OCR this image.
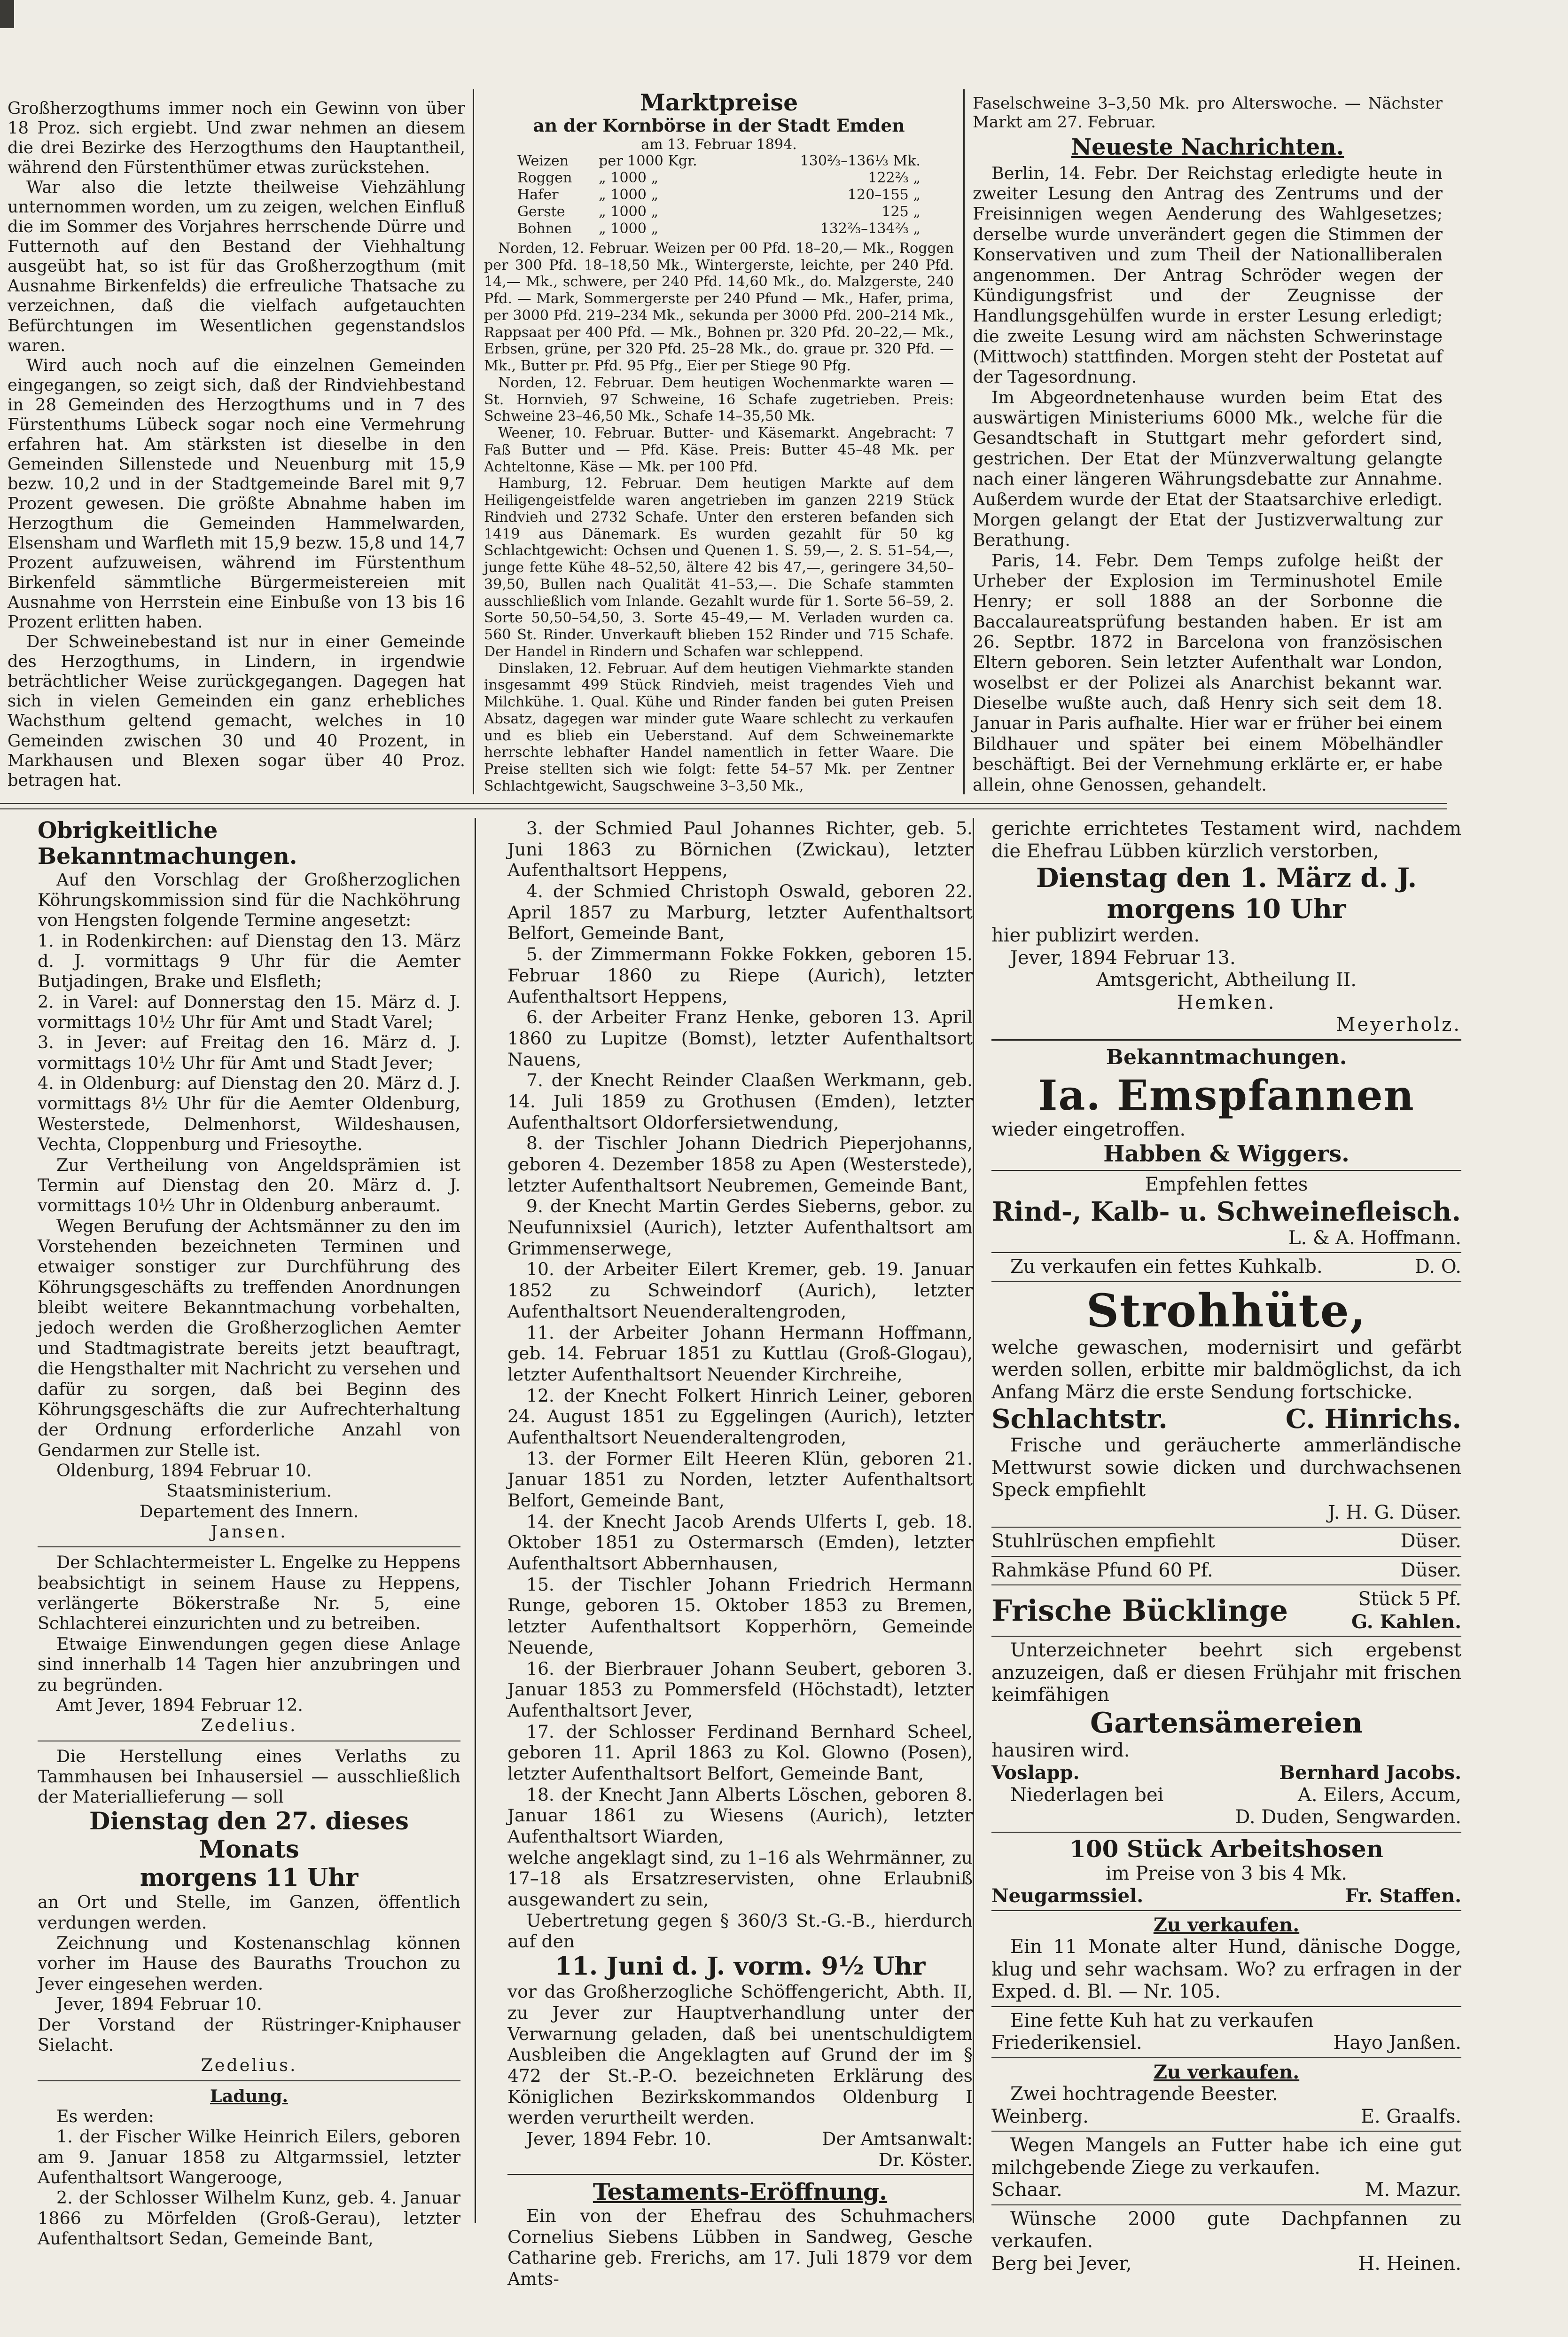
Großherzogthums immer noch ein Gewinn von über 18 Proz. sich ergiebt. Und zwar nehmen an diesem die drei Bezirke des Herzogthums den Hauptantheil, während den Fürstenthümer etwas zurückstehen.

War also die letzte theilweise Viehzählung unternommen worden, um zu zeigen, welchen Einfluß die im Sommer des Vorjahres herrschende Dürre und Futternoth auf den Bestand der Viehhaltung ausgeübt hat, so ist für das Großherzogthum (mit Ausnahme Birkenfelds) die erfreuliche Thatsache zu verzeichnen, daß die vielfach aufgetauchten Befürchtungen im Wesentlichen gegenstandslos waren.

Wird auch noch auf die einzelnen Gemeinden eingegangen, so zeigt sich, daß der Rindviehbestand in 28 Gemeinden des Herzogthums und in 7 des Fürstenthums Lübeck sogar noch eine Vermehrung erfahren hat. Am stärksten ist dieselbe in den Gemeinden Sillenstede und Neuenburg mit 15,9 bezw. 10,2 und in der Stadtgemeinde Barel mit 9,7 Prozent gewesen. Die größte Abnahme haben im Herzogthum die Gemeinden Hammelwarden, Elsensham und Warfleth mit 15,9 bezw. 15,8 und 14,7 Prozent aufzuweisen, während im Fürstenthum Birkenfeld sämmtliche Bürgermeistereien mit Ausnahme von Herrstein eine Einbuße von 13 bis 16 Prozent erlitten haben.

Der Schweinebestand ist nur in einer Gemeinde des Herzogthums, in Lindern, in irgendwie beträchtlicher Weise zurückgegangen. Dagegen hat sich in vielen Gemeinden ein ganz erhebliches Wachsthum geltend gemacht, welches in 10 Gemeinden zwischen 30 und 40 Prozent, in Markhausen und Blexen sogar über 40 Proz. betragen hat.

Marktpreise

an der Kornbörse in der Stadt Emden

am 13. Februar 1894.

Weizen	per 1000 Kgr.	130⅔–136⅓ Mk.
Roggen	„ 1000 „	122⅔ „
Hafer	„ 1000 „	120–155 „
Gerste	„ 1000 „	125 „
Bohnen	„ 1000 „	132⅔–134⅔ „

Norden, 12. Februar. Weizen per 00 Pfd. 18–20,— Mk., Roggen per 300 Pfd. 18–18,50 Mk., Wintergerste, leichte, per 240 Pfd. 14,— Mk., schwere, per 240 Pfd. 14,60 Mk., do. Malzgerste, 240 Pfd. — Mark, Sommergerste per 240 Pfund — Mk., Hafer, prima, per 3000 Pfd. 219–234 Mk., sekunda per 3000 Pfd. 200–214 Mk., Rappsaat per 400 Pfd. — Mk., Bohnen pr. 320 Pfd. 20–22,— Mk., Erbsen, grüne, per 320 Pfd. 25–28 Mk., do. graue pr. 320 Pfd. — Mk., Butter pr. Pfd. 95 Pfg., Eier per Stiege 90 Pfg.

Norden, 12. Februar. Dem heutigen Wochenmarkte waren — St. Hornvieh, 97 Schweine, 16 Schafe zugetrieben. Preis: Schweine 23–46,50 Mk., Schafe 14–35,50 Mk.

Weener, 10. Februar. Butter- und Käsemarkt. Angebracht: 7 Faß Butter und — Pfd. Käse. Preis: Butter 45–48 Mk. per Achteltonne, Käse — Mk. per 100 Pfd.

Hamburg, 12. Februar. Dem heutigen Markte auf dem Heiligengeistfelde waren angetrieben im ganzen 2219 Stück Rindvieh und 2732 Schafe. Unter den ersteren befanden sich 1419 aus Dänemark. Es wurden gezahlt für 50 kg Schlachtgewicht: Ochsen und Quenen 1. S. 59,—, 2. S. 51–54,—, junge fette Kühe 48–52,50, ältere 42 bis 47,—, geringere 34,50–39,50, Bullen nach Qualität 41–53,—. Die Schafe stammten ausschließlich vom Inlande. Gezahlt wurde für 1. Sorte 56–59, 2. Sorte 50,50–54,50, 3. Sorte 45–49,— M. Verladen wurden ca. 560 St. Rinder. Unverkauft blieben 152 Rinder und 715 Schafe. Der Handel in Rindern und Schafen war schleppend.

Dinslaken, 12. Februar. Auf dem heutigen Viehmarkte standen insgesammt 499 Stück Rindvieh, meist tragendes Vieh und Milchkühe. 1. Qual. Kühe und Rinder fanden bei guten Preisen Absatz, dagegen war minder gute Waare schlecht zu verkaufen und es blieb ein Ueberstand. Auf dem Schweinemarkte herrschte lebhafter Handel namentlich in fetter Waare. Die Preise stellten sich wie folgt: fette 54–57 Mk. per Zentner Schlachtgewicht, Saugschweine 3–3,50 Mk.,

Faselschweine 3–3,50 Mk. pro Alterswoche. — Nächster Markt am 27. Februar.

Neueste Nachrichten.

Berlin, 14. Febr. Der Reichstag erledigte heute in zweiter Lesung den Antrag des Zentrums und der Freisinnigen wegen Aenderung des Wahlgesetzes; derselbe wurde unverändert gegen die Stimmen der Konservativen und zum Theil der Nationalliberalen angenommen. Der Antrag Schröder wegen der Kündigungsfrist und der Zeugnisse der Handlungsgehülfen wurde in erster Lesung erledigt; die zweite Lesung wird am nächsten Schwerinstage (Mittwoch) stattfinden. Morgen steht der Postetat auf der Tagesordnung.

Im Abgeordnetenhause wurden beim Etat des auswärtigen Ministeriums 6000 Mk., welche für die Gesandtschaft in Stuttgart mehr gefordert sind, gestrichen. Der Etat der Münzverwaltung gelangte nach einer längeren Währungsdebatte zur Annahme. Außerdem wurde der Etat der Staatsarchive erledigt. Morgen gelangt der Etat der Justizverwaltung zur Berathung.

Paris, 14. Febr. Dem Temps zufolge heißt der Urheber der Explosion im Terminushotel Emile Henry; er soll 1888 an der Sorbonne die Baccalaureatsprüfung bestanden haben. Er ist am 26. Septbr. 1872 in Barcelona von französischen Eltern geboren. Sein letzter Aufenthalt war London, woselbst er der Polizei als Anarchist bekannt war. Dieselbe wußte auch, daß Henry sich seit dem 18. Januar in Paris aufhalte. Hier war er früher bei einem Bildhauer und später bei einem Möbelhändler beschäftigt. Bei der Vernehmung erklärte er, er habe allein, ohne Genossen, gehandelt.

Obrigkeitliche Bekanntmachungen.

Auf den Vorschlag der Großherzoglichen Köhrungskommission sind für die Nachköhrung von Hengsten folgende Termine angesetzt:

1. in Rodenkirchen: auf Dienstag den 13. März d. J. vormittags 9 Uhr für die Aemter Butjadingen, Brake und Elsfleth;

2. in Varel: auf Donnerstag den 15. März d. J. vormittags 10½ Uhr für Amt und Stadt Varel;

3. in Jever: auf Freitag den 16. März d. J. vormittags 10½ Uhr für Amt und Stadt Jever;

4. in Oldenburg: auf Dienstag den 20. März d. J. vormittags 8½ Uhr für die Aemter Oldenburg, Westerstede, Delmenhorst, Wildeshausen, Vechta, Cloppenburg und Friesoythe.

Zur Vertheilung von Angeldsprämien ist Termin auf Dienstag den 20. März d. J. vormittags 10½ Uhr in Oldenburg anberaumt.

Wegen Berufung der Achtsmänner zu den im Vorstehenden bezeichneten Terminen und etwaiger sonstiger zur Durchführung des Köhrungsgeschäfts zu treffenden Anordnungen bleibt weitere Bekanntmachung vorbehalten, jedoch werden die Großherzoglichen Aemter und Stadtmagistrate bereits jetzt beauftragt, die Hengsthalter mit Nachricht zu versehen und dafür zu sorgen, daß bei Beginn des Köhrungsgeschäfts die zur Aufrechterhaltung der Ordnung erforderliche Anzahl von Gendarmen zur Stelle ist.

Oldenburg, 1894 Februar 10.

Staatsministerium.

Departement des Innern.

Jansen.

Der Schlachtermeister L. Engelke zu Heppens beabsichtigt in seinem Hause zu Heppens, verlängerte Bökerstraße Nr. 5, eine Schlachterei einzurichten und zu betreiben.

Etwaige Einwendungen gegen diese Anlage sind innerhalb 14 Tagen hier anzubringen und zu begründen.

Amt Jever, 1894 Februar 12.

Zedelius.

Die Herstellung eines Verlaths zu Tammhausen bei Inhausersiel — ausschließlich der Materiallieferung — soll

Dienstag den 27. dieses Monats

morgens 11 Uhr

an Ort und Stelle, im Ganzen, öffentlich verdungen werden.

Zeichnung und Kostenanschlag können vorher im Hause des Bauraths Trouchon zu Jever eingesehen werden.

Jever, 1894 Februar 10.

Der Vorstand der Rüstringer-Kniphauser Sielacht.

Zedelius.

Ladung.

Es werden:

1. der Fischer Wilke Heinrich Eilers, geboren am 9. Januar 1858 zu Altgarmssiel, letzter Aufenthaltsort Wangeroogе,

2. der Schlosser Wilhelm Kunz, geb. 4. Januar 1866 zu Mörfelden (Groß-Gerau), letzter Aufenthaltsort Sedan, Gemeinde Bant,

3. der Schmied Paul Johannes Richter, geb. 5. Juni 1863 zu Börnichen (Zwickau), letzter Aufenthaltsort Heppens,

4. der Schmied Christoph Oswald, geboren 22. April 1857 zu Marburg, letzter Aufenthaltsort Belfort, Gemeinde Bant,

5. der Zimmermann Fokke Fokken, geboren 15. Februar 1860 zu Riepe (Aurich), letzter Aufenthaltsort Heppens,

6. der Arbeiter Franz Henke, geboren 13. April 1860 zu Lupitze (Bomst), letzter Aufenthaltsort Nauens,

7. der Knecht Reinder Claaßen Werkmann, geb. 14. Juli 1859 zu Grothusen (Emden), letzter Aufenthaltsort Oldorfersietwendung,

8. der Tischler Johann Diedrich Pieperjohanns, geboren 4. Dezember 1858 zu Apen (Westerstede), letzter Aufenthaltsort Neubremen, Gemeinde Bant,

9. der Knecht Martin Gerdes Sieberns, gebor. zu Neufunnixsiel (Aurich), letzter Aufenthaltsort am Grimmenserwege,

10. der Arbeiter Eilert Kremer, geb. 19. Januar 1852 zu Schweindorf (Aurich), letzter Aufenthaltsort Neuenderaltengroden,

11. der Arbeiter Johann Hermann Hoffmann, geb. 14. Februar 1851 zu Kuttlau (Groß-Glogau), letzter Aufenthaltsort Neuender Kirchreihe,

12. der Knecht Folkert Hinrich Leiner, geboren 24. August 1851 zu Eggelingen (Aurich), letzter Aufenthaltsort Neuenderaltengroden,

13. der Former Eilt Heeren Klün, geboren 21. Januar 1851 zu Norden, letzter Aufenthaltsort Belfort, Gemeinde Bant,

14. der Knecht Jacob Arends Ulferts I, geb. 18. Oktober 1851 zu Ostermarsch (Emden), letzter Aufenthaltsort Abbernhausen,

15. der Tischler Johann Friedrich Hermann Runge, geboren 15. Oktober 1853 zu Bremen, letzter Aufenthaltsort Kopperhörn, Gemeinde Neuende,

16. der Bierbrauer Johann Seubert, geboren 3. Januar 1853 zu Pommersfeld (Höchstadt), letzter Aufenthaltsort Jever,

17. der Schlosser Ferdinand Bernhard Scheel, geboren 11. April 1863 zu Kol. Glowno (Posen), letzter Aufenthaltsort Belfort, Gemeinde Bant,

18. der Knecht Jann Alberts Löschen, geboren 8. Januar 1861 zu Wiesens (Aurich), letzter Aufenthaltsort Wiarden,

welche angeklagt sind, zu 1–16 als Wehrmänner, zu 17–18 als Ersatzreservisten, ohne Erlaubniß ausgewandert zu sein,

Uebertretung gegen § 360/3 St.-G.-B., hierdurch auf den

11. Juni d. J. vorm. 9½ Uhr

vor das Großherzogliche Schöffengericht, Abth. II, zu Jever zur Hauptverhandlung unter der Verwarnung geladen, daß bei unentschuldigtem Ausbleiben die Angeklagten auf Grund der im § 472 der St.-P.-O. bezeichneten Erklärung des Königlichen Bezirkskommandos Oldenburg I werden verurtheilt werden.

Jever, 1894 Febr. 10.	Der Amtsanwalt:

Dr. Köster.

Testaments-Eröffnung.

Ein von der Ehefrau des Schuhmachers Cornelius Siebens Lübben in Sandweg, Gesche Catharine geb. Frerichs, am 17. Juli 1879 vor dem Amts-

gerichte errichtetes Testament wird, nachdem die Ehefrau Lübben kürzlich verstorben,

Dienstag den 1. März d. J.

morgens 10 Uhr

hier publizirt werden.

Jever, 1894 Februar 13.

Amtsgericht, Abtheilung II.

Hemken.

Meyerholz.

Bekanntmachungen.

Ia. Emspfannen

wieder eingetroffen.

Habben & Wiggers.

Empfehlen fettes

Rind-, Kalb- u. Schweinefleisch.

L. & A. Hoffmann.

Zu verkaufen ein fettes Kuhkalb.	D. O.

Strohhüte,

welche gewaschen, modernisirt und gefärbt werden sollen, erbitte mir baldmöglichst, da ich Anfang März die erste Sendung fortschicke.

Schlachtstr.	C. Hinrichs.

Frische und geräucherte ammerländische Mettwurst sowie dicken und durchwachsenen Speck empfiehlt

J. H. G. Düser.

Stuhlrüschen empfiehlt	Düser.
Rahmkäse Pfund 60 Pf.	Düser.
Frische Bücklinge	Stück 5 Pf.
G. Kahlen.

Unterzeichneter beehrt sich ergebenst anzuzeigen, daß er diesen Frühjahr mit frischen keimfähigen

Gartensämereien

hausiren wird.

Voslapp.	Bernhard Jacobs.
Niederlagen bei	A. Eilers, Accum,

D. Duden, Sengwarden.

100 Stück Arbeitshosen

im Preise von 3 bis 4 Mk.

Neugarmssiel.	Fr. Staffen.

Zu verkaufen.

Ein 11 Monate alter Hund, dänische Dogge, klug und sehr wachsam. Wo? zu erfragen in der Exped. d. Bl. — Nr. 105.

Eine fette Kuh hat zu verkaufen

Friederikensiel.	Hayo Janßen.

Zu verkaufen.

Zwei hochtragende Beester.

Weinberg.	E. Graalfs.

Wegen Mangels an Futter habe ich eine gut milchgebende Ziege zu verkaufen.

Schaar.	M. Mazur.

Wünsche 2000 gute Dachpfannen zu verkaufen.

Berg bei Jever,	H. Heinen.
